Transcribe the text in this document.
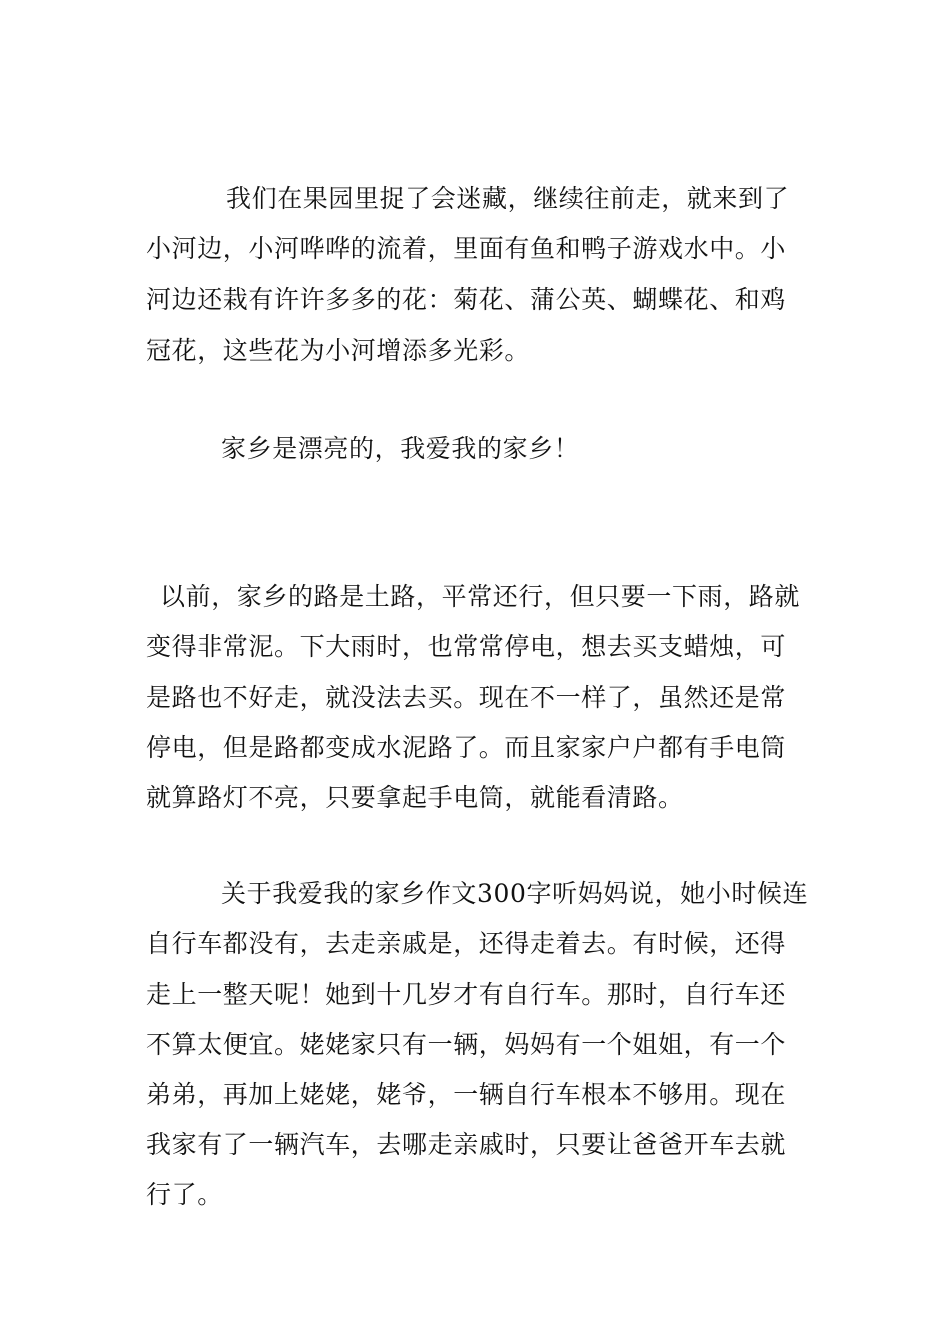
我们在果园里捉了会迷藏，继续往前走，就来到了
小河边，小河哗哗的流着，里面有鱼和鸭子游戏水中。小
河边还栽有许许多多的花：菊花、蒲公英、蝴蝶花、和鸡
冠花，这些花为小河增添多光彩。
家乡是漂亮的，我爱我的家乡！
以前，家乡的路是土路，平常还行，但只要一下雨，路就
变得非常泥。下大雨时，也常常停电，想去买支蜡烛，可
是路也不好走，就没法去买。现在不一样了，虽然还是常
停电，但是路都变成水泥路了。而且家家户户都有手电筒
就算路灯不亮，只要拿起手电筒，就能看清路。
关于我爱我的家乡作文300字听妈妈说，她小时候连
自行车都没有，去走亲戚是，还得走着去。有时候，还得
走上一整天呢！她到十几岁才有自行车。那时，自行车还
不算太便宜。姥姥家只有一辆，妈妈有一个姐姐，有一个
弟弟，再加上姥姥，姥爷，一辆自行车根本不够用。现在
我家有了一辆汽车，去哪走亲戚时，只要让爸爸开车去就
行了。
